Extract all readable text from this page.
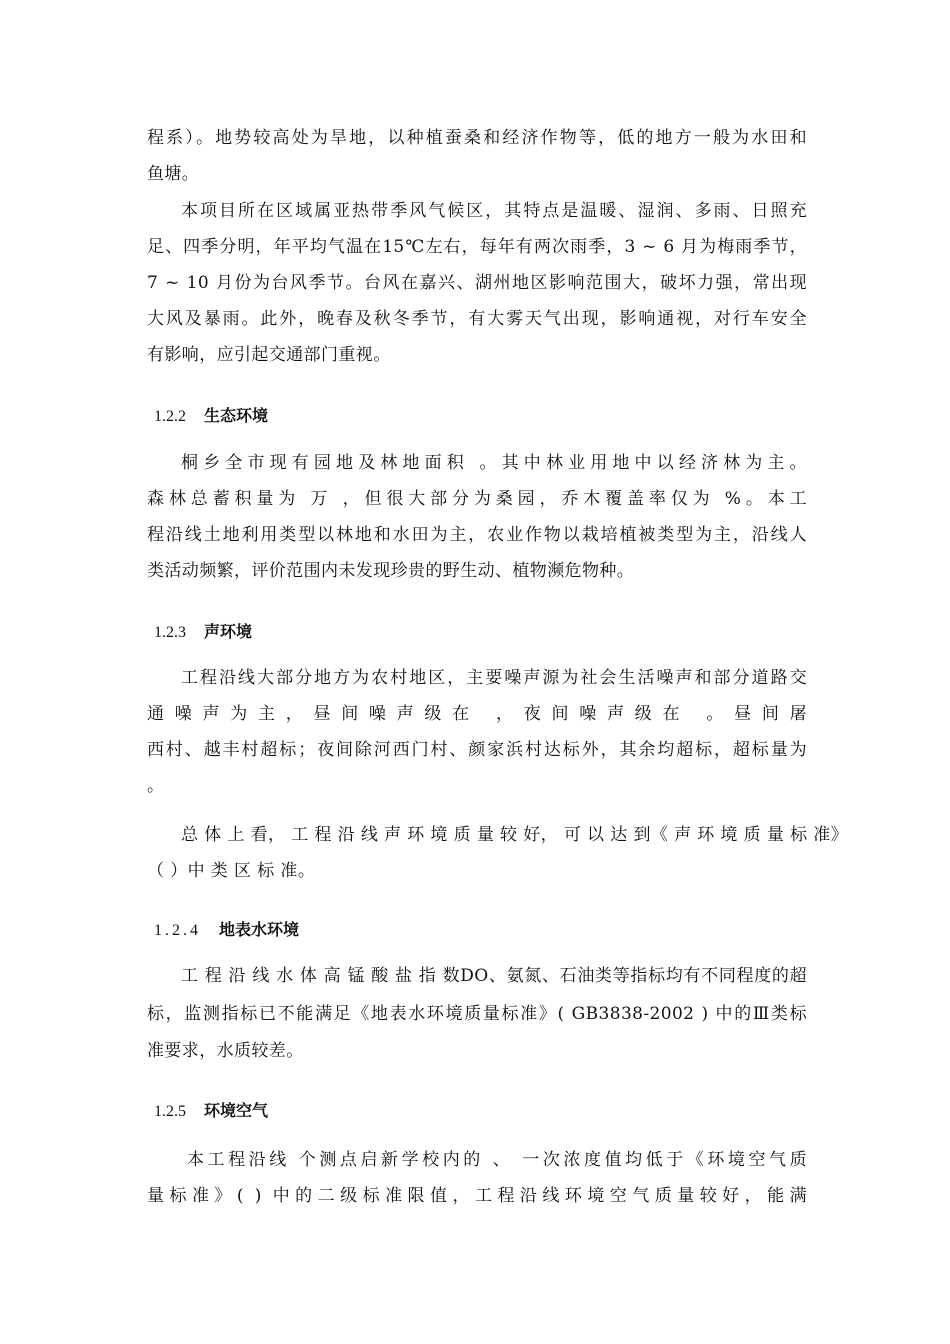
程系）。地势较高处为旱地，以种植蚕桑和经济作物等，低的地方一般为水田和
鱼塘。
本项目所在区域属亚热带季风气候区，其特点是温暖、湿润、多雨、日照充
足、四季分明，年平均气温在15℃左右，每年有两次雨季，3 ~ 6 月为梅雨季节，
7 ~ 10 月份为台风季节。台风在嘉兴、湖州地区影响范围大，破坏力强，常出现
大风及暴雨。此外，晚春及秋冬季节，有大雾天气出现，影响通视，对行车安全
有影响，应引起交通部门重视。
1.2.2 生态环境
桐乡全市现有园地及林地面积 。其中林业用地中以经济林为主。
森林总蓄积量为 万 ，但很大部分为桑园，乔木覆盖率仅为 %。本工
程沿线土地利用类型以林地和水田为主，农业作物以栽培植被类型为主，沿线人
类活动频繁，评价范围内未发现珍贵的野生动、植物濒危物种。
1.2.3 声环境
工程沿线大部分地方为农村地区，主要噪声源为社会生活噪声和部分道路交
通噪声为主，昼间噪声级在 ，夜间噪声级在 。昼间屠
西村、越丰村超标；夜间除河西门村、颜家浜村达标外，其余均超标，超标量为
。
总 体 上 看， 工 程 沿 线 声 环 境 质 量 较 好， 可 以 达 到《 声 环 境 质 量 标 准》
（ ）中 类 区 标 准。
1.2.4 地表水环境
工 程 沿 线 水 体 高 锰 酸 盐 指 数DO、氨氮、石油类等指标均有不同程度的超
标，监测指标已不能满足《地表水环境质量标准》( GB3838-2002 ) 中的Ⅲ类标
准要求，水质较差。
1.2.5 环境空气
本工程沿线 个测点启新学校内的 、 一次浓度值均低于《环境空气质
量标准》( ) 中的二级标准限值，工程沿线环境空气质量较好，能满
